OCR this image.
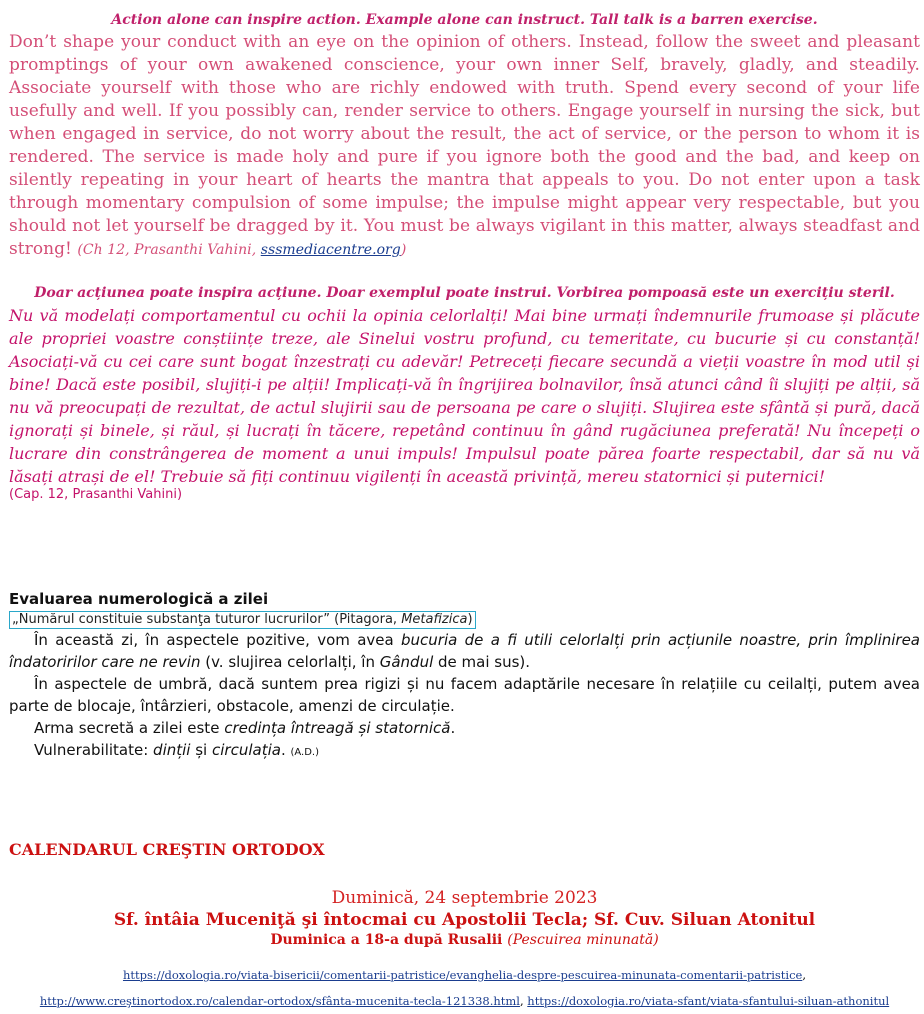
Action alone can inspire action. Example alone can instruct. Tall talk is a barren exercise.

Don’t shape your conduct with an eye on the opinion of others. Instead, follow the sweet and pleasant promptings of your own awakened conscience, your own inner Self, bravely, gladly, and steadily. Associate yourself with those who are richly endowed with truth. Spend every second of your life usefully and well. If you possibly can, render service to others. Engage yourself in nursing the sick, but when engaged in service, do not worry about the result, the act of service, or the person to whom it is rendered. The service is made holy and pure if you ignore both the good and the bad, and keep on silently repeating in your heart of hearts the mantra that appeals to you. Do not enter upon a task through momentary compulsion of some impulse; the impulse might appear very respectable, but you should not let yourself be dragged by it. You must be always vigilant in this matter, always steadfast and strong! (Ch 12, Prasanthi Vahini, sssmediacentre.org)

Doar acțiunea poate inspira acțiune. Doar exemplul poate instrui. Vorbirea pompoasă este un exercițiu steril.

Nu vă modelați comportamentul cu ochii la opinia celorlalți! Mai bine urmați îndemnurile frumoase și plăcute ale propriei voastre conștiințe treze, ale Sinelui vostru profund, cu temeritate, cu bucurie și cu constanță! Asociați-vă cu cei care sunt bogat înzestrați cu adevăr! Petreceți fiecare secundă a vieții voastre în mod util și bine! Dacă este posibil, slujiți-i pe alții! Implicați-vă în îngrijirea bolnavilor, însă atunci când îi slujiți pe alții, să nu vă preocupați de rezultat, de actul slujirii sau de persoana pe care o slujiți. Slujirea este sfântă și pură, dacă ignorați și binele, și răul, și lucrați în tăcere, repetând continuu în gând rugăciunea preferată! Nu începeți o lucrare din constrângerea de moment a unui impuls! Impulsul poate părea foarte respectabil, dar să nu vă lăsați atrași de el! Trebuie să fiți continuu vigilenți în această privință, mereu statornici și puternici!

(Cap. 12, Prasanthi Vahini)

Evaluarea numerologică a zilei
„Numărul constituie substanţa tuturor lucrurilor” (Pitagora, Metafizica)

În această zi, în aspectele pozitive, vom avea bucuria de a fi utili celorlalți prin acțiunile noastre, prin împlinirea îndatoririlor care ne revin (v. slujirea celorlalți, în Gândul de mai sus).

În aspectele de umbră, dacă suntem prea rigizi și nu facem adaptările necesare în relațiile cu ceilalți, putem avea parte de blocaje, întârzieri, obstacole, amenzi de circulație.

Arma secretă a zilei este credința întreagă și statornică.

Vulnerabilitate: dinții și circulația. (A.D.)

CALENDARUL CREŞTIN ORTODOX

Duminică, 24 septembrie 2023

Sf. întâia Muceniţă şi întocmai cu Apostolii Tecla; Sf. Cuv. Siluan Atonitul

Duminica a 18-a după Rusalii (Pescuirea minunată)

https://doxologia.ro/viata-bisericii/comentarii-patristice/evanghelia-despre-pescuirea-minunata-comentarii-patristice, http://www.creştinortodox.ro/calendar-ortodox/sfânta-mucenita-tecla-121338.html, https://doxologia.ro/viata-sfant/viata-sfantului-siluan-athonitul
